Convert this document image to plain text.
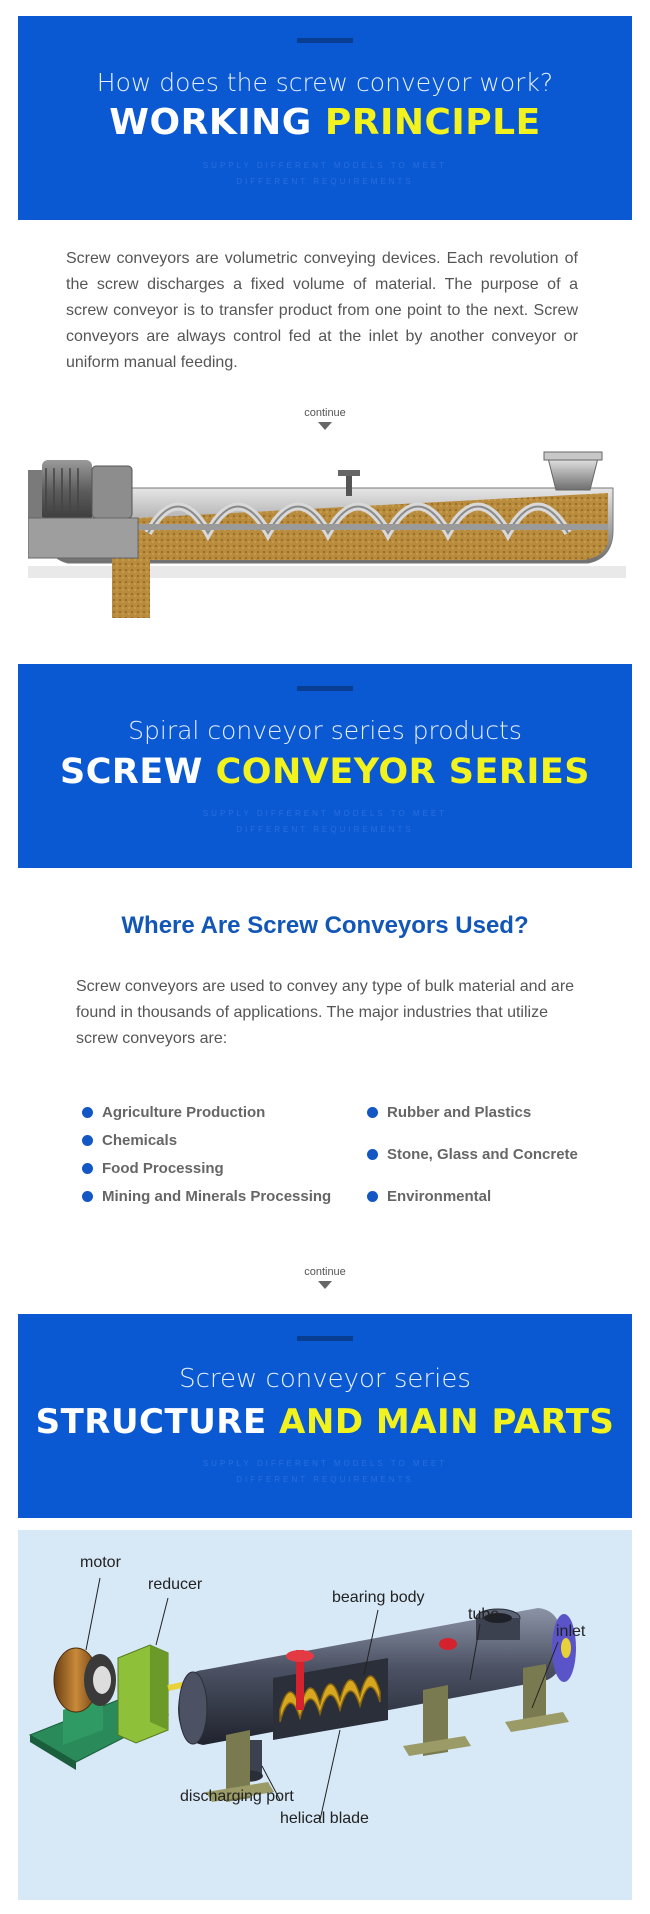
How does the screw conveyor work?
WORKING PRINCIPLE
SUPPLY DIFFERENT MODELS TO MEET
DIFFERENT REQUIREMENTS
Screw conveyors are volumetric conveying devices. Each revolution of the screw discharges a fixed volume of material. The purpose of a screw conveyor is to transfer product from one point to the next. Screw conveyors are always control fed at the inlet by another conveyor or uniform manual feeding.
continue
Spiral conveyor series products
SCREW CONVEYOR SERIES
SUPPLY DIFFERENT MODELS TO MEET
DIFFERENT REQUIREMENTS
Where Are Screw Conveyors Used?
Screw conveyors are used to convey any type of bulk material and are found in thousands of applications. The major industries that utilize screw conveyors are:
Agriculture Production
Chemicals
Food Processing
Mining and Minerals Processing
Rubber and Plastics
Stone, Glass and Concrete
Environmental
continue
Screw conveyor series
STRUCTURE AND MAIN PARTS
SUPPLY DIFFERENT MODELS TO MEET
DIFFERENT REQUIREMENTS
motor
reducer
bearing body
tube
inlet
discharging port
helical blade
